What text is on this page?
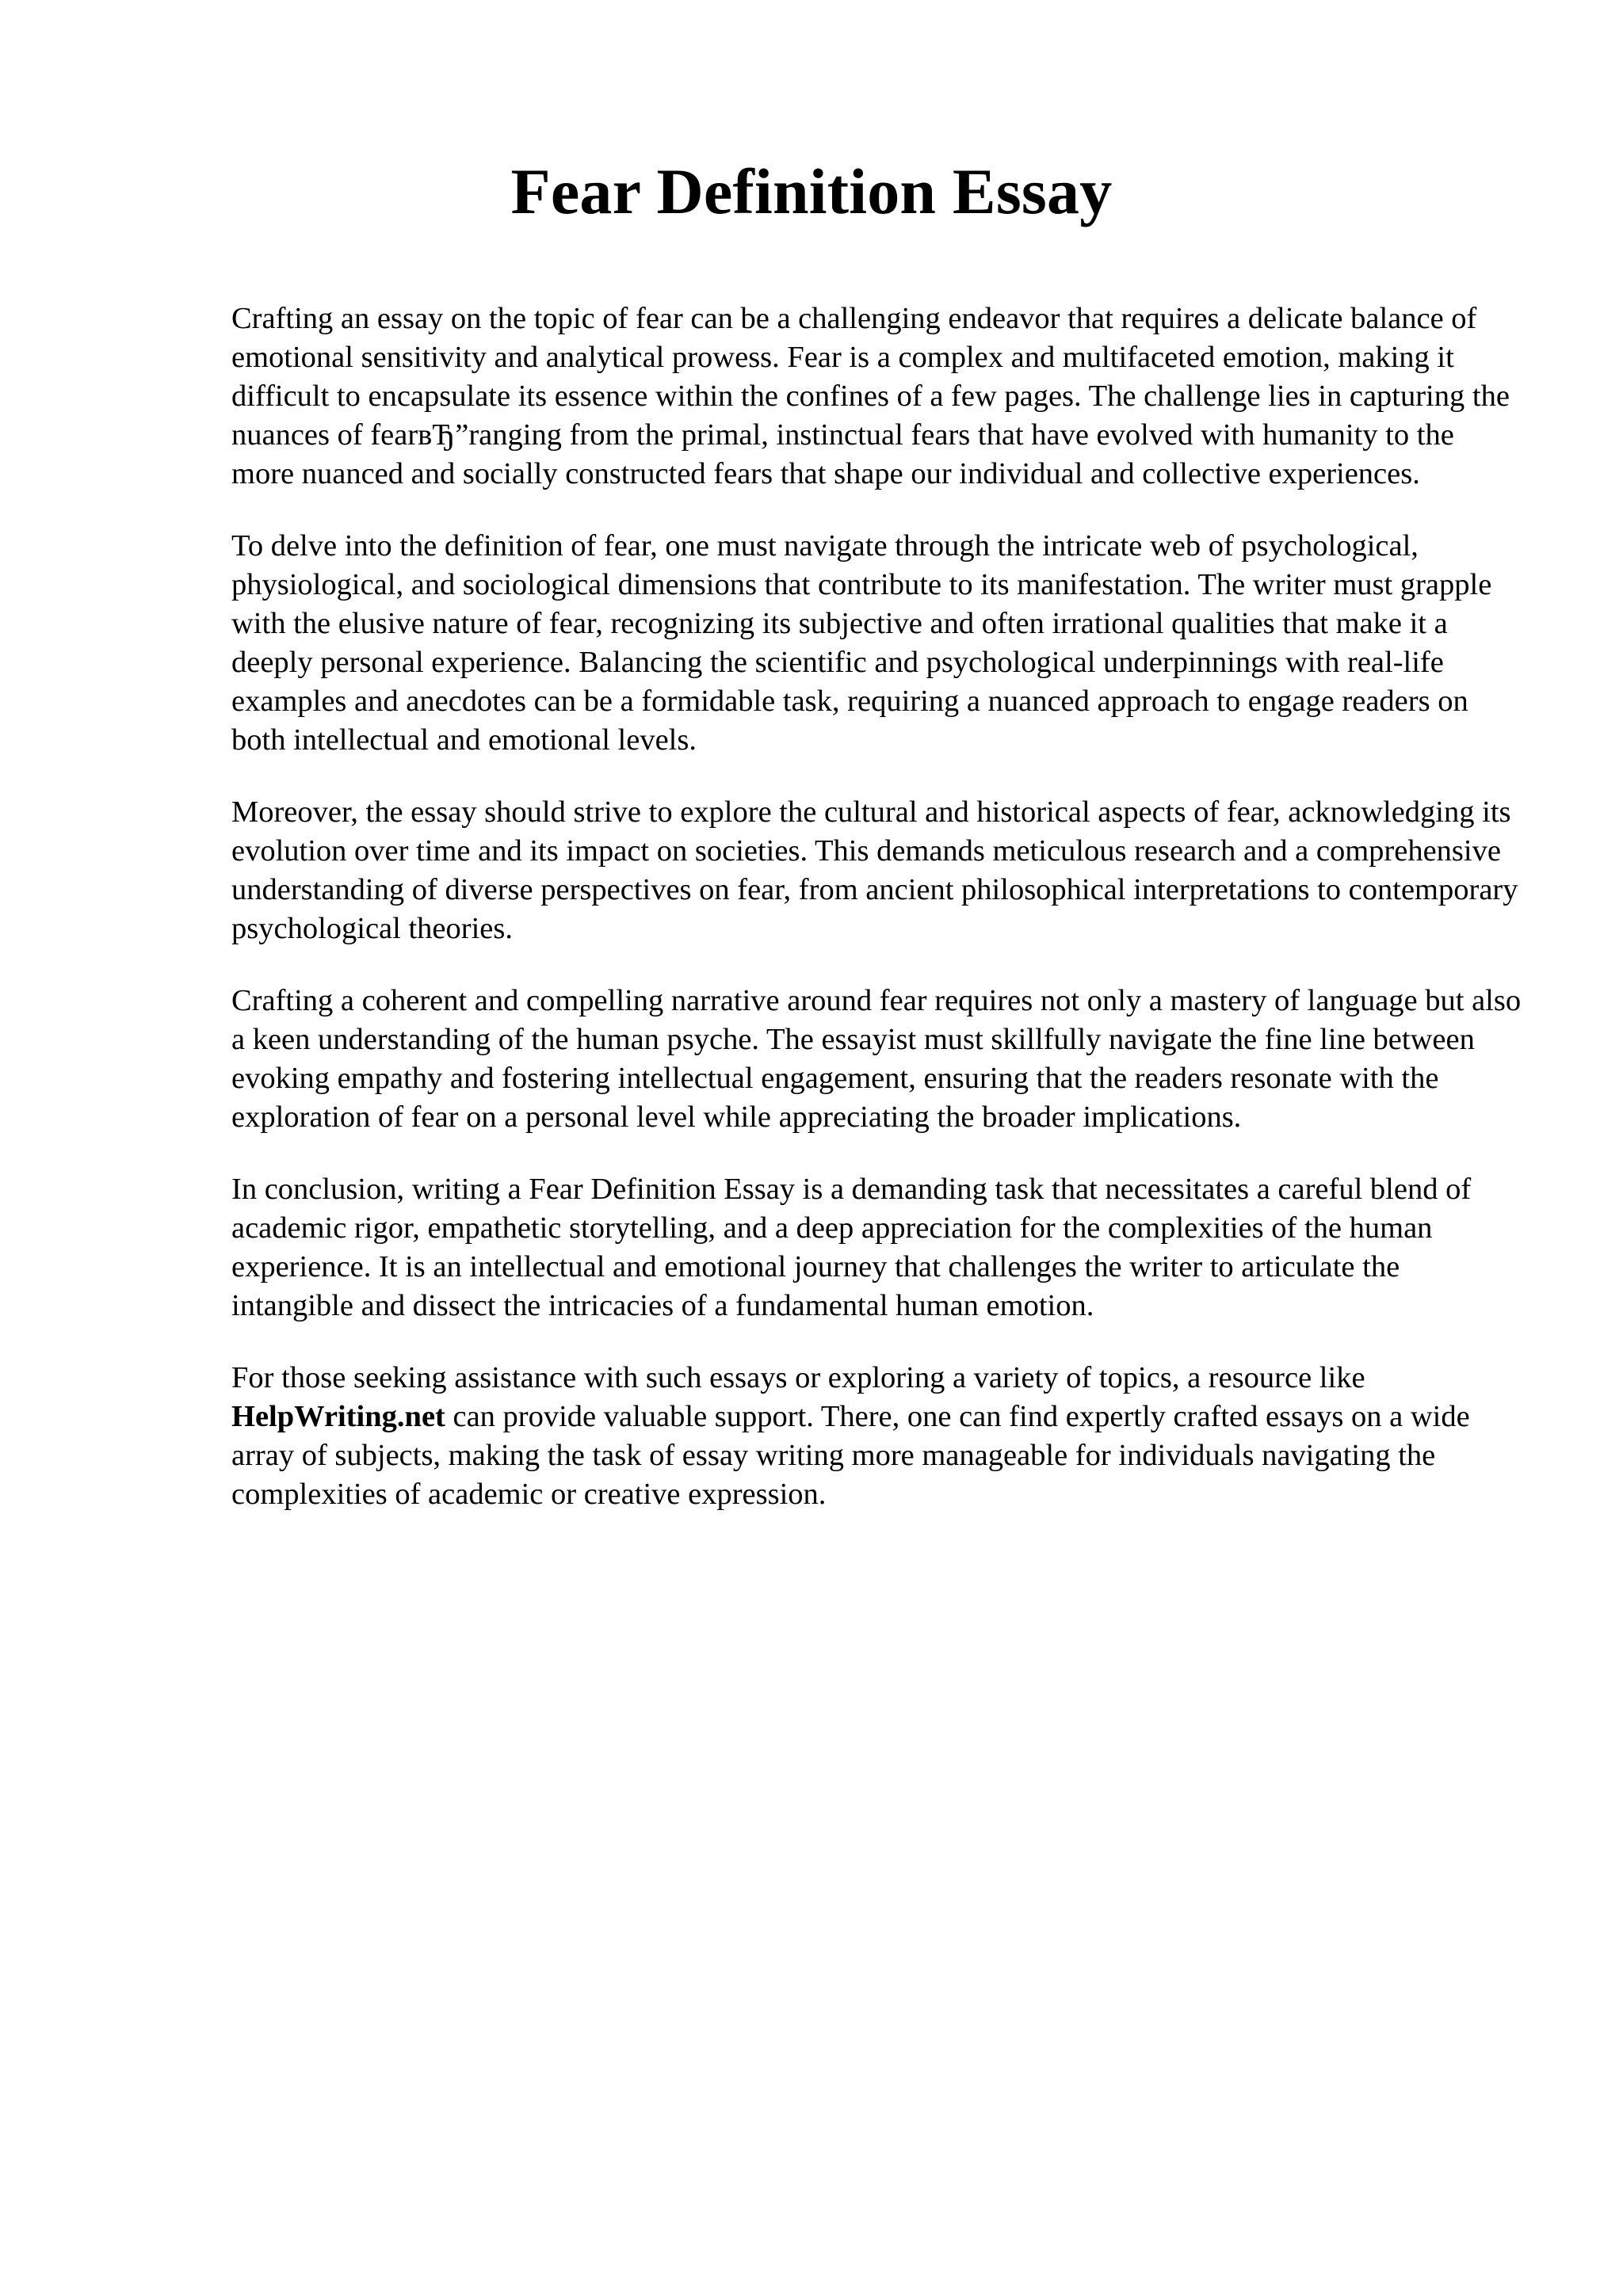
Fear Definition Essay

Crafting an essay on the topic of fear can be a challenging endeavor that requires a delicate balance of emotional sensitivity and analytical prowess. Fear is a complex and multifaceted emotion, making it difficult to encapsulate its essence within the confines of a few pages. The challenge lies in capturing the nuances of fearвЂ”ranging from the primal, instinctual fears that have evolved with humanity to the more nuanced and socially constructed fears that shape our individual and collective experiences.

To delve into the definition of fear, one must navigate through the intricate web of psychological, physiological, and sociological dimensions that contribute to its manifestation. The writer must grapple with the elusive nature of fear, recognizing its subjective and often irrational qualities that make it a deeply personal experience. Balancing the scientific and psychological underpinnings with real-life examples and anecdotes can be a formidable task, requiring a nuanced approach to engage readers on both intellectual and emotional levels.

Moreover, the essay should strive to explore the cultural and historical aspects of fear, acknowledging its evolution over time and its impact on societies. This demands meticulous research and a comprehensive understanding of diverse perspectives on fear, from ancient philosophical interpretations to contemporary psychological theories.

Crafting a coherent and compelling narrative around fear requires not only a mastery of language but also a keen understanding of the human psyche. The essayist must skillfully navigate the fine line between evoking empathy and fostering intellectual engagement, ensuring that the readers resonate with the exploration of fear on a personal level while appreciating the broader implications.

In conclusion, writing a Fear Definition Essay is a demanding task that necessitates a careful blend of academic rigor, empathetic storytelling, and a deep appreciation for the complexities of the human experience. It is an intellectual and emotional journey that challenges the writer to articulate the intangible and dissect the intricacies of a fundamental human emotion.

For those seeking assistance with such essays or exploring a variety of topics, a resource like HelpWriting.net can provide valuable support. There, one can find expertly crafted essays on a wide array of subjects, making the task of essay writing more manageable for individuals navigating the complexities of academic or creative expression.
